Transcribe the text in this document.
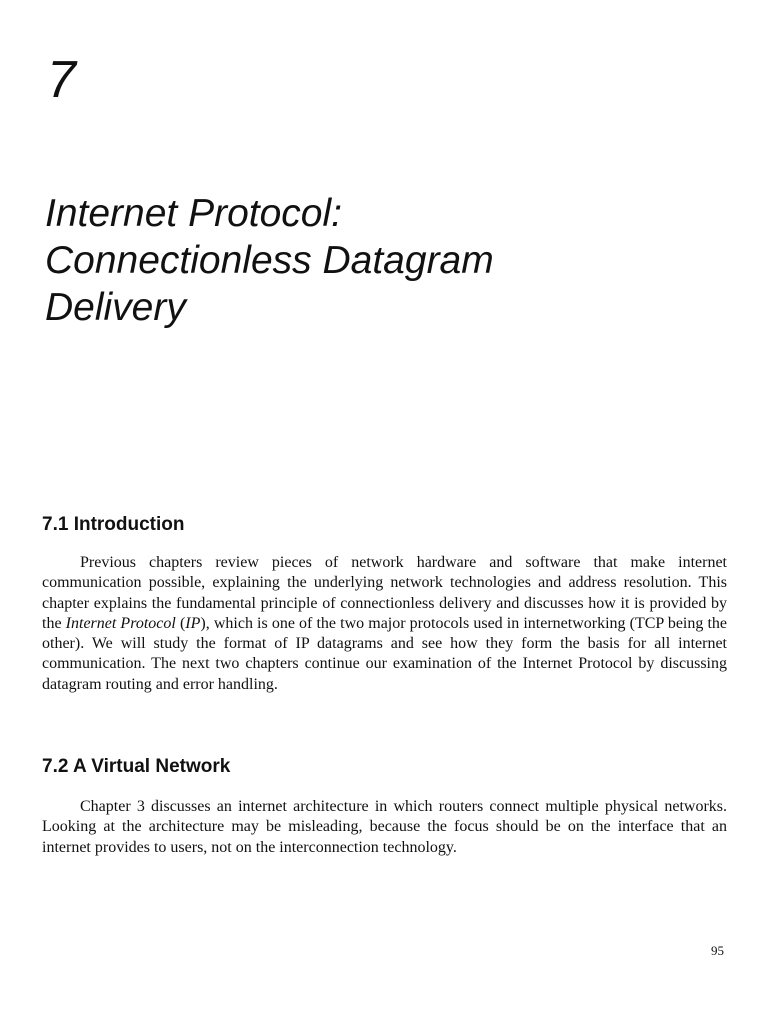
7
Internet Protocol:
Connectionless Datagram
Delivery
7.1 Introduction

Previous chapters review pieces of network hardware and software that make internet communication possible, explaining the underlying network technologies and address resolution. This chapter explains the fundamental principle of connectionless delivery and discusses how it is provided by the Internet Protocol (IP), which is one of the two major protocols used in internetworking (TCP being the other). We will study the format of IP datagrams and see how they form the basis for all internet communication. The next two chapters continue our examination of the Internet Protocol by discussing datagram routing and error handling.

7.2 A Virtual Network

Chapter 3 discusses an internet architecture in which routers connect multiple physical networks. Looking at the architecture may be misleading, because the focus should be on the interface that an internet provides to users, not on the interconnection technology.

95
